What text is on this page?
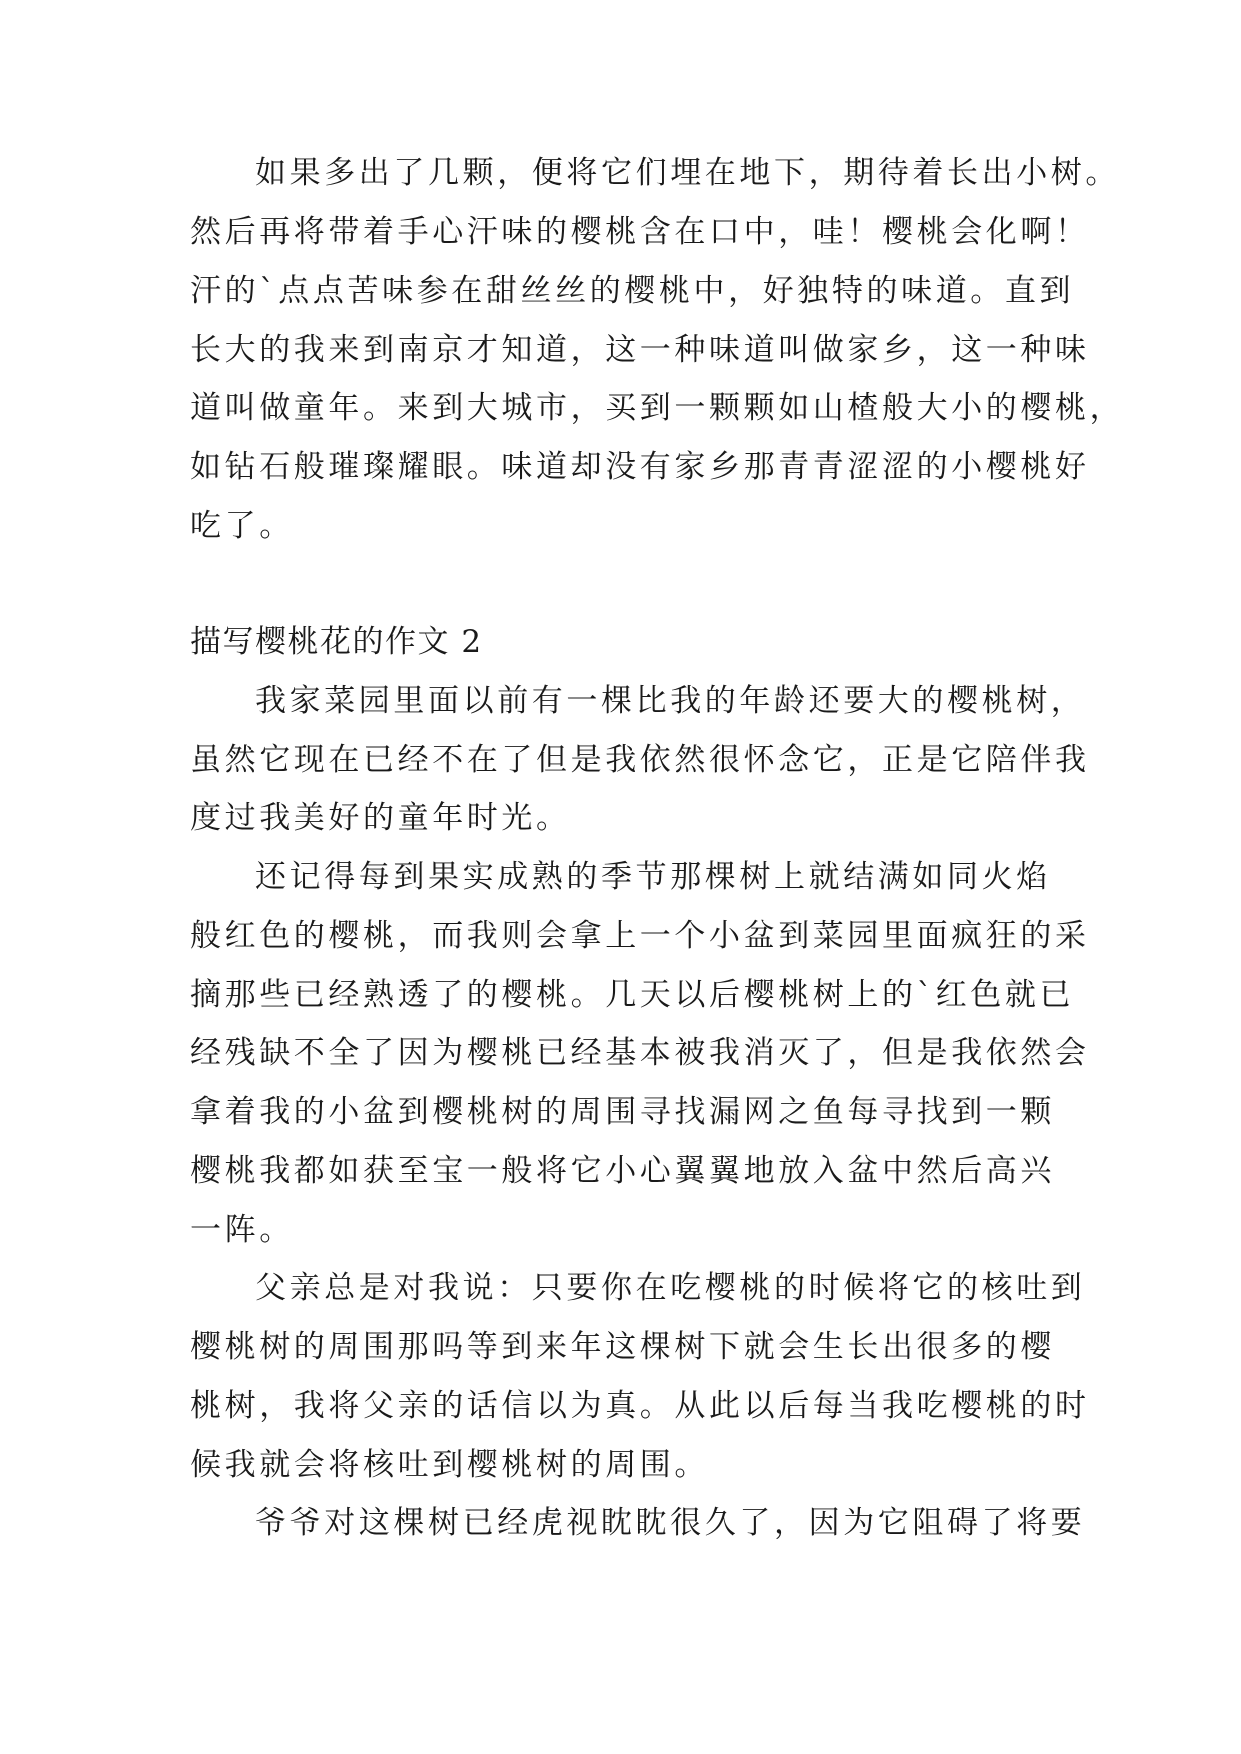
如果多出了几颗，便将它们埋在地下，期待着长出小树。
然后再将带着手心汗味的樱桃含在口中，哇！樱桃会化啊！
汗的`点点苦味参在甜丝丝的樱桃中，好独特的味道。直到
长大的我来到南京才知道，这一种味道叫做家乡，这一种味
道叫做童年。来到大城市，买到一颗颗如山楂般大小的樱桃，
如钻石般璀璨耀眼。味道却没有家乡那青青涩涩的小樱桃好
吃了。
描写樱桃花的作文 2
我家菜园里面以前有一棵比我的年龄还要大的樱桃树，
虽然它现在已经不在了但是我依然很怀念它，正是它陪伴我
度过我美好的童年时光。
还记得每到果实成熟的季节那棵树上就结满如同火焰
般红色的樱桃，而我则会拿上一个小盆到菜园里面疯狂的采
摘那些已经熟透了的樱桃。几天以后樱桃树上的`红色就已
经残缺不全了因为樱桃已经基本被我消灭了，但是我依然会
拿着我的小盆到樱桃树的周围寻找漏网之鱼每寻找到一颗
樱桃我都如获至宝一般将它小心翼翼地放入盆中然后高兴
一阵。
父亲总是对我说：只要你在吃樱桃的时候将它的核吐到
樱桃树的周围那吗等到来年这棵树下就会生长出很多的樱
桃树，我将父亲的话信以为真。从此以后每当我吃樱桃的时
候我就会将核吐到樱桃树的周围。
爷爷对这棵树已经虎视眈眈很久了，因为它阻碍了将要
